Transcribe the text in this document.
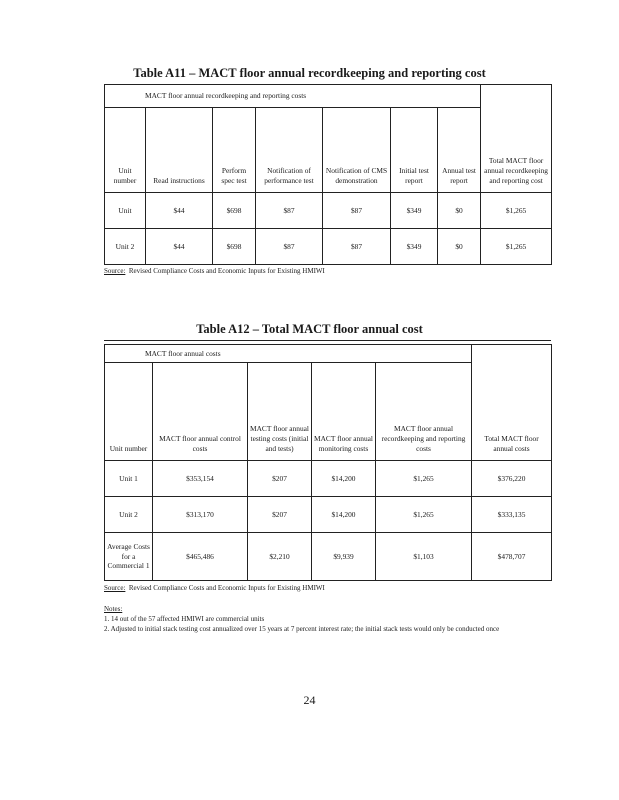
Table A11 – MACT floor annual recordkeeping and reporting cost
MACT floor annual recordkeeping and reporting costs							Total MACT floor annual recordkeeping and reporting cost
Unit number	Read instructions	Perform spec test	Notification of performance test	Notification of CMS demonstration	Initial test report	Annual test report	
Unit	$44	$698	$87	$87	$349	$0	$1,265
Unit 2	$44	$698	$87	$87	$349	$0	$1,265
Source: Revised Compliance Costs and Economic Inputs for Existing HMIWI
Table A12 – Total MACT floor annual cost
MACT floor annual costs					Total MACT floor annual costs
Unit number	MACT floor annual control costs	MACT floor annual testing costs (initial and tests)	MACT floor annual monitoring costs	MACT floor annual recordkeeping and reporting costs	
Unit 1	$353,154	$207	$14,200	$1,265	$376,220
Unit 2	$313,170	$207	$14,200	$1,265	$333,135
Average Costs for a Commercial 1	$465,486	$2,210	$9,939	$1,103	$478,707
Source: Revised Compliance Costs and Economic Inputs for Existing HMIWI
Notes:
1. 14 out of the 57 affected HMIWI are commercial units
2. Adjusted to initial stack testing cost annualized over 15 years at 7 percent interest rate; the initial stack tests would only be conducted once
24
